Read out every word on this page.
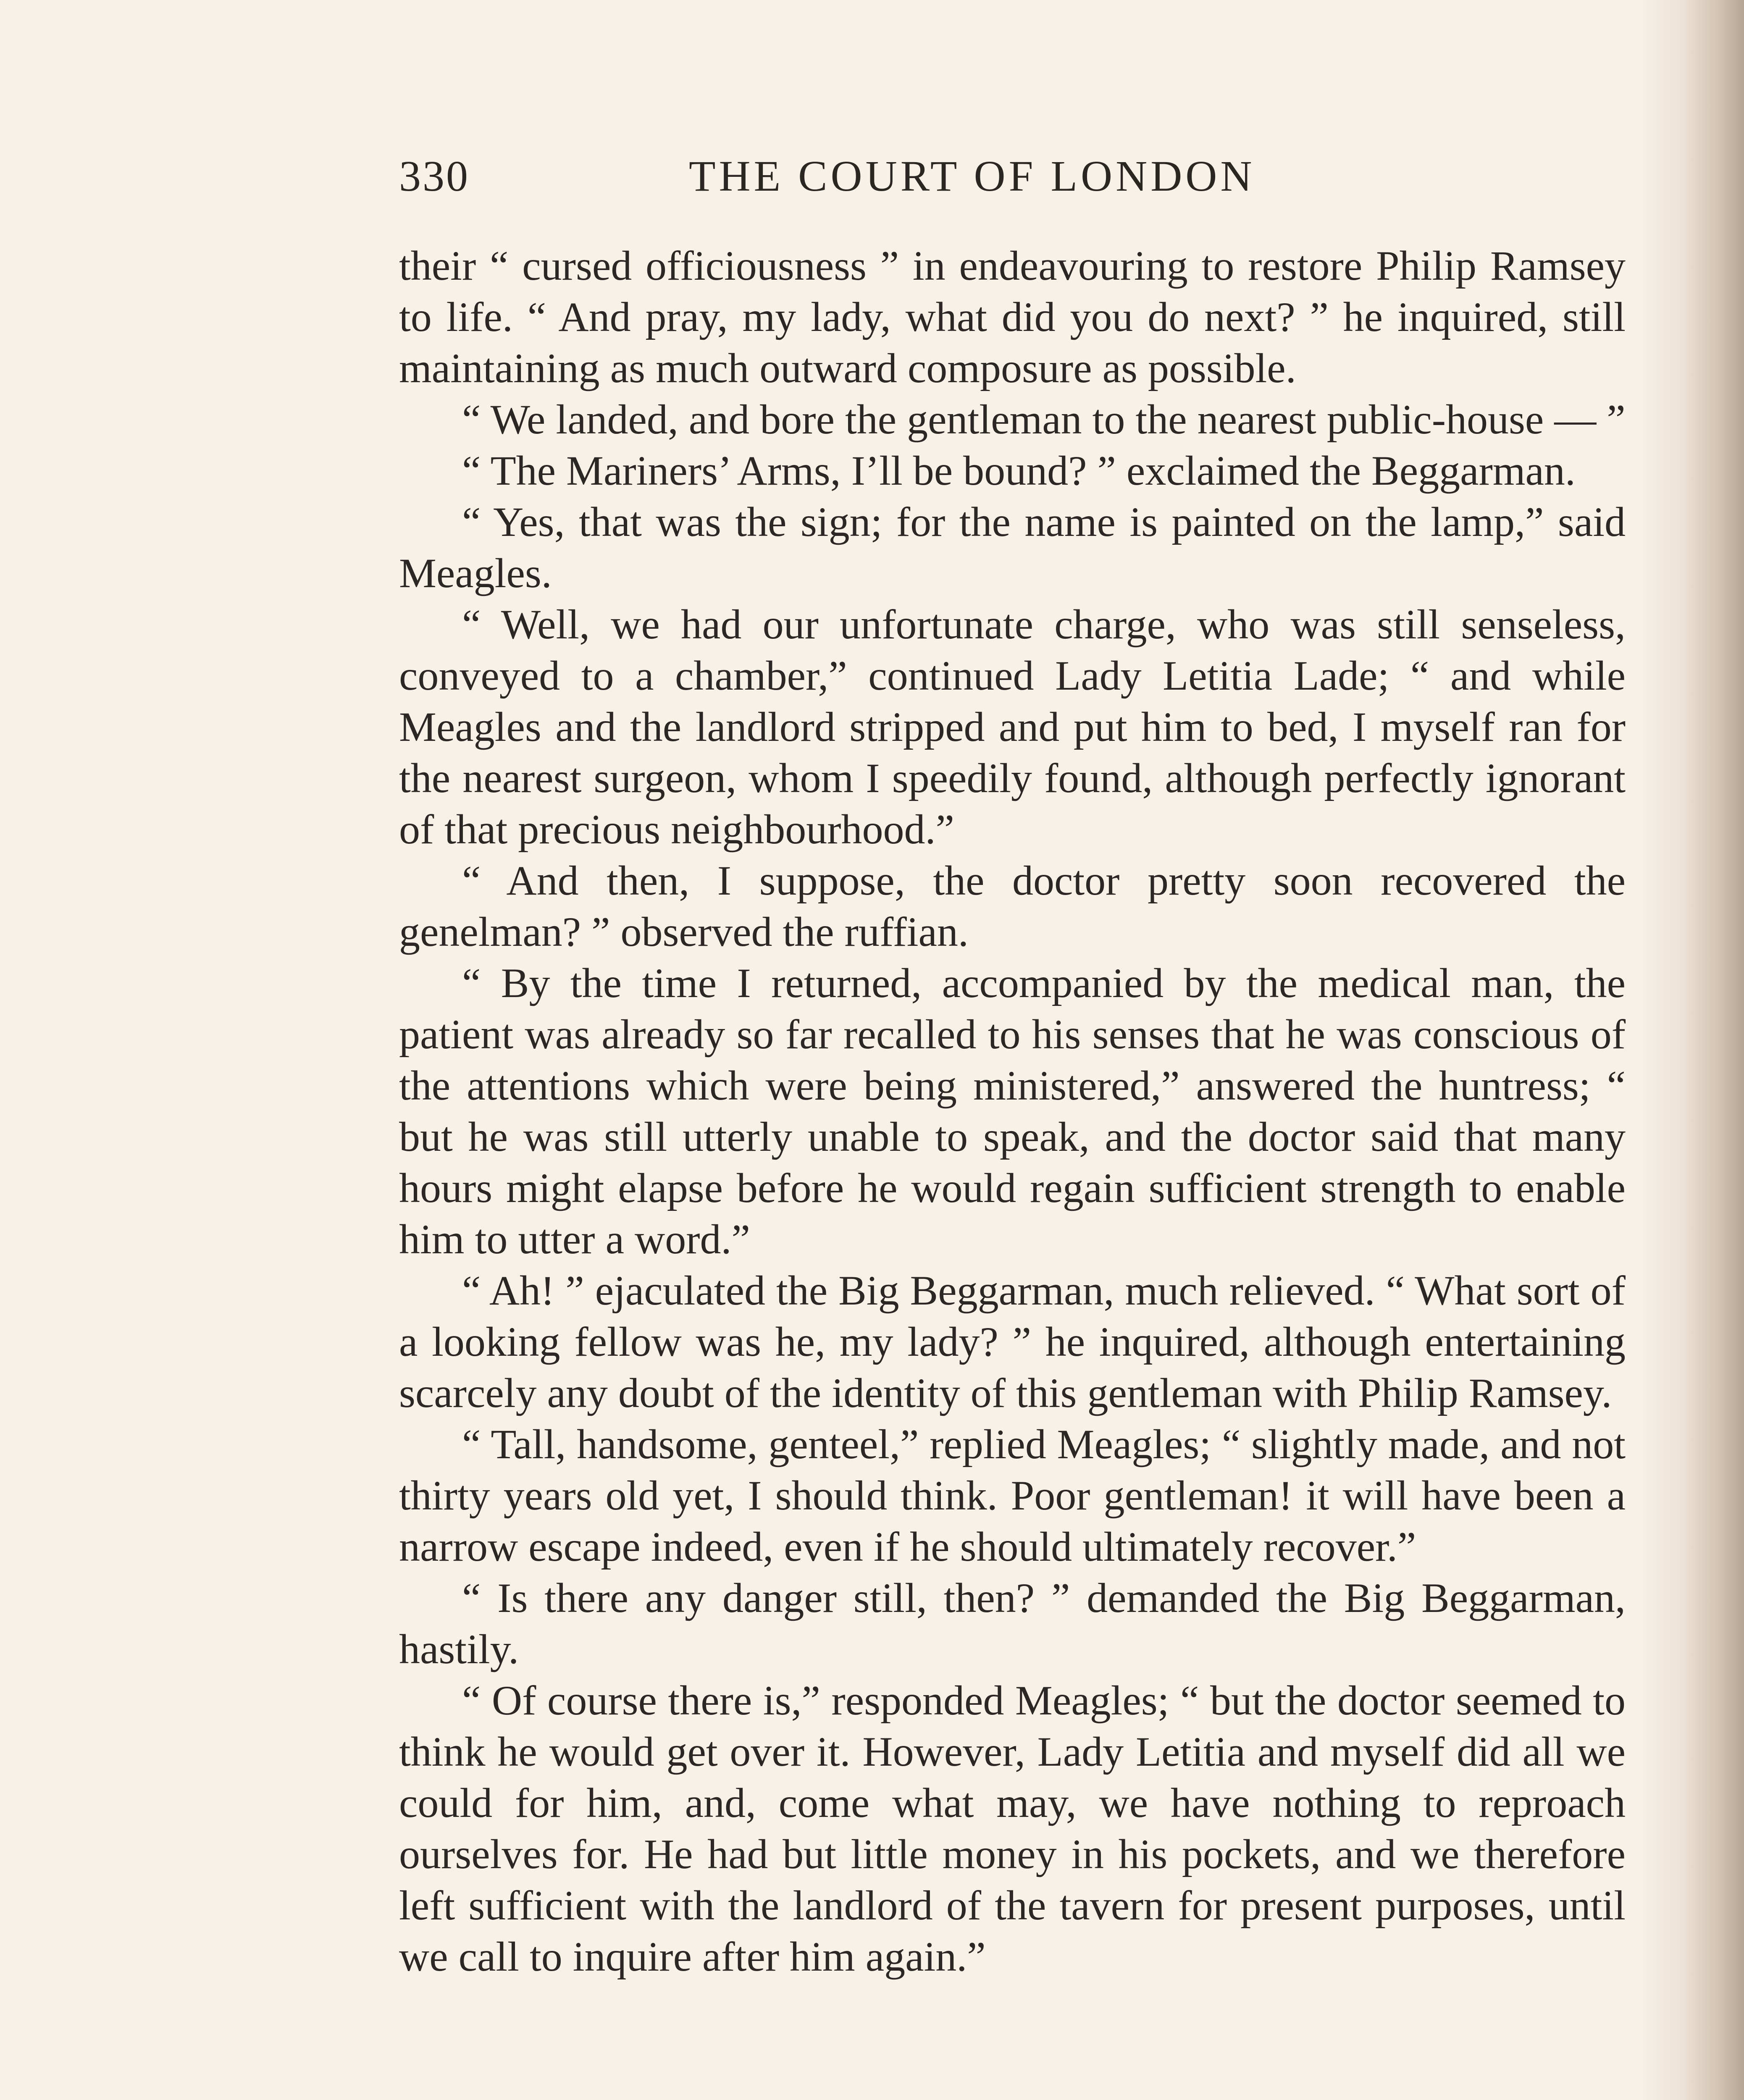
330	THE COURT OF LONDON

their “ cursed officiousness ” in endeavouring to restore Philip Ramsey to life. “ And pray, my lady, what did you do next? ” he inquired, still maintaining as much outward composure as possible.

“ We landed, and bore the gentleman to the nearest public-house — ”

“ The Mariners’ Arms, I’ll be bound? ” exclaimed the Beggarman.

“ Yes, that was the sign; for the name is painted on the lamp,” said Meagles.

“ Well, we had our unfortunate charge, who was still senseless, conveyed to a chamber,” continued Lady Letitia Lade; “ and while Meagles and the landlord stripped and put him to bed, I myself ran for the nearest surgeon, whom I speedily found, although perfectly ignorant of that precious neighbourhood.”

“ And then, I suppose, the doctor pretty soon recovered the genelman? ” observed the ruffian.

“ By the time I returned, accompanied by the medical man, the patient was already so far recalled to his senses that he was conscious of the attentions which were being ministered,” answered the huntress; “ but he was still utterly unable to speak, and the doctor said that many hours might elapse before he would regain sufficient strength to enable him to utter a word.”

“ Ah! ” ejaculated the Big Beggarman, much relieved. “ What sort of a looking fellow was he, my lady? ” he inquired, although entertaining scarcely any doubt of the identity of this gentleman with Philip Ramsey.

“ Tall, handsome, genteel,” replied Meagles; “ slightly made, and not thirty years old yet, I should think. Poor gentleman! it will have been a narrow escape indeed, even if he should ultimately recover.”

“ Is there any danger still, then? ” demanded the Big Beggarman, hastily.

“ Of course there is,” responded Meagles; “ but the doctor seemed to think he would get over it. However, Lady Letitia and myself did all we could for him, and, come what may, we have nothing to reproach ourselves for. He had but little money in his pockets, and we therefore left sufficient with the landlord of the tavern for present purposes, until we call to inquire after him again.”
